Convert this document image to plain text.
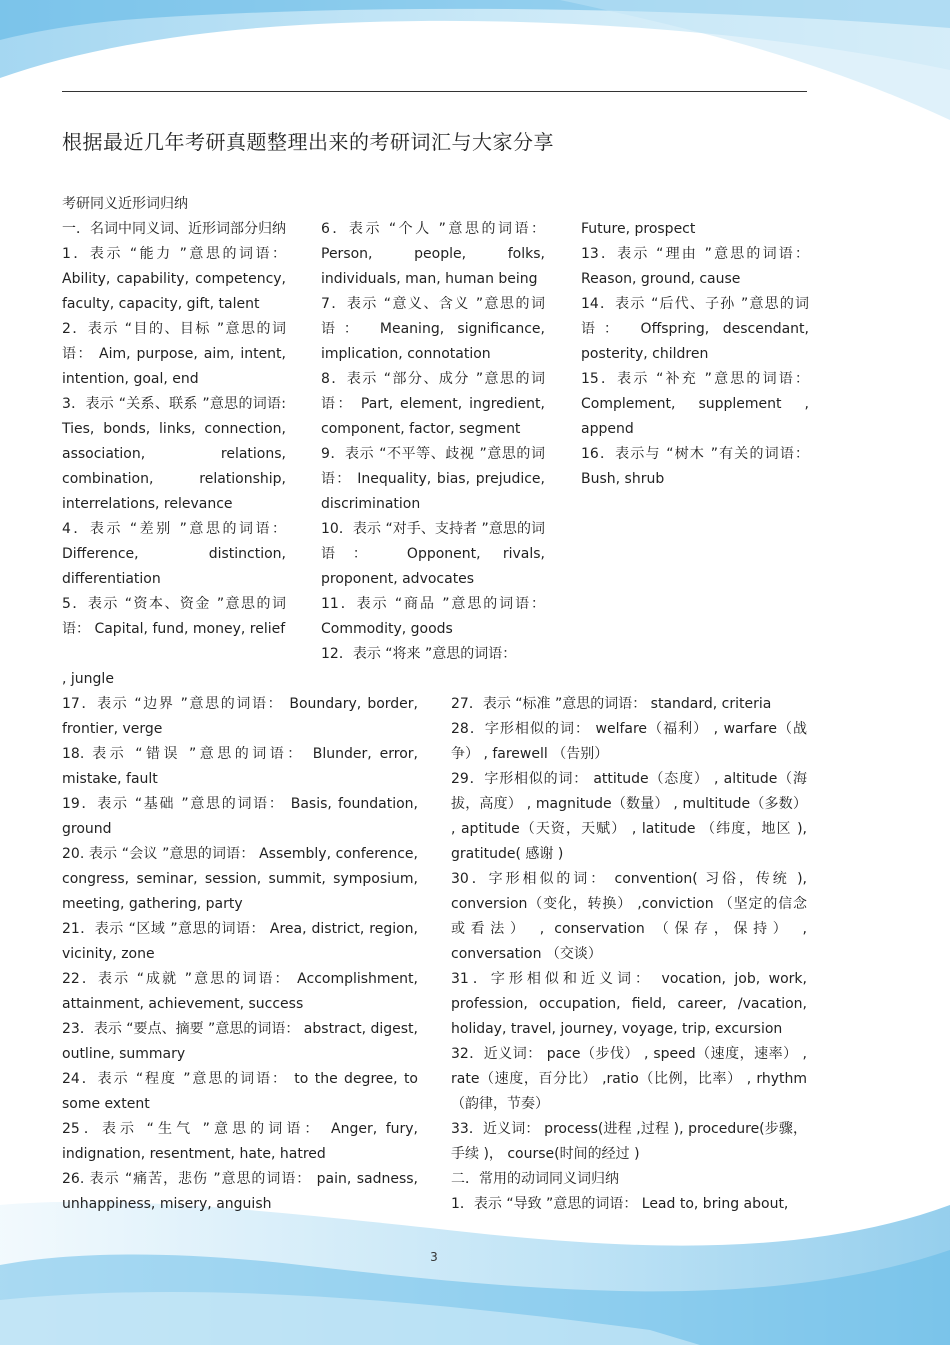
根据最近几年考研真题整理出来的考研词汇与大家分享

考研同义近形词归纳

一．名词中同义词、近形词部分归纳

1．表示 “能力 ”意思的词语： Ability, capability, competency, faculty, capacity, gift, talent

2．表示 “目的、目标 ”意思的词语： Aim, purpose, aim, intent, intention, goal, end

3．表示 “关系、联系 ”意思的词语: Ties, bonds, links, connection, association, relations, combination, relationship, interrelations, relevance

4．表示 “差别 ”意思的词语： Difference, distinction, differentiation

5．表示 “资本、资金 ”意思的词语： Capital, fund, money, relief

6．表示 “个人 ”意思的词语： Person, people, folks, individuals, man, human being

7．表示 “意义、含义 ”意思的词语： Meaning, significance, implication, connotation

8．表示 “部分、成分 ”意思的词语： Part, element, ingredient, component, factor, segment

9．表示 “不平等、歧视 ”意思的词语： Inequality, bias, prejudice, discrimination

10．表示 “对手、支持者 ”意思的词语： Opponent, rivals, proponent, advocates

11．表示 “商品 ”意思的词语： Commodity, goods

12．表示 “将来 ”意思的词语：

Future, prospect

13．表示 “理由 ”意思的词语： Reason, ground, cause

14．表示 “后代、子孙 ”意思的词语： Offspring, descendant, posterity, children

15．表示 “补充 ”意思的词语： Complement, supplement , append

16．表示与 “树木 ”有关的词语： Bush, shrub

, jungle

17．表示 “边界 ”意思的词语： Boundary, border, frontier, verge

18. 表示 “错误 ”意思的词语： Blunder, error, mistake, fault

19．表示 “基础 ”意思的词语： Basis, foundation, ground

20. 表示 “会议 ”意思的词语： Assembly, conference, congress, seminar, session, summit, symposium, meeting, gathering, party

21．表示 “区域 ”意思的词语： Area, district, region, vicinity, zone

22．表示 “成就 ”意思的词语： Accomplishment, attainment, achievement, success

23．表示 “要点、摘要 ”意思的词语： abstract, digest, outline, summary

24．表示 “程度 ”意思的词语： to the degree, to some extent

25．表示 “生气 ”意思的词语： Anger, fury, indignation, resentment, hate, hatred

26. 表示 “痛苦，悲伤 ”意思的词语： pain, sadness, unhappiness, misery, anguish

27．表示 “标准 ”意思的词语： standard, criteria

28．字形相似的词： welfare（福利） , warfare（战争） , farewell （告别）

29．字形相似的词： attitude（态度） , altitude（海拔，高度） , magnitude（数量） , multitude（多数） , aptitude（天资，天赋） , latitude （纬度，地区 ), gratitude( 感谢 )

30．字形相似的词： convention( 习俗，传统 ), conversion（变化，转换） ,conviction （坚定的信念或看法） , conservation （保存，保持） , conversation （交谈）

31．字形相似和近义词： vocation, job, work, profession, occupation, field, career, /vacation, holiday, travel, journey, voyage, trip, excursion

32．近义词： pace（步伐） , speed（速度，速率） , rate（速度，百分比） ,ratio（比例，比率） , rhythm （韵律，节奏）

33．近义词： process(进程 ,过程 ), procedure(步骤，手续 )， course(时间的经过 )

二．常用的动词同义词归纳

1．表示 “导致 ”意思的词语： Lead to, bring about,

3
